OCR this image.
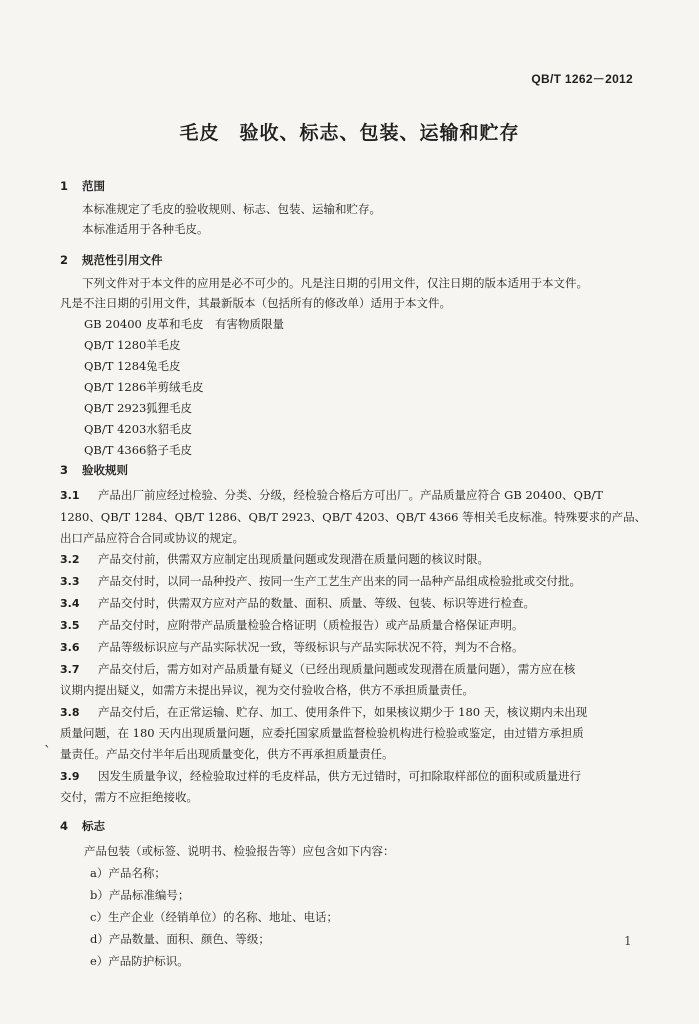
QB/T 1262－2012
毛皮　验收、标志、包装、运输和贮存
1 范围
本标准规定了毛皮的验收规则、标志、包装、运输和贮存。
本标准适用于各种毛皮。
2 规范性引用文件
下列文件对于本文件的应用是必不可少的。凡是注日期的引用文件，仅注日期的版本适用于本文件。
凡是不注日期的引用文件，其最新版本（包括所有的修改单）适用于本文件。
GB 20400 皮革和毛皮　有害物质限量
QB/T 1280羊毛皮
QB/T 1284兔毛皮
QB/T 1286羊剪绒毛皮
QB/T 2923狐狸毛皮
QB/T 4203水貂毛皮
QB/T 4366貉子毛皮
3 验收规则
3.1 产品出厂前应经过检验、分类、分级，经检验合格后方可出厂。产品质量应符合 GB 20400、QB/T
1280、QB/T 1284、QB/T 1286、QB/T 2923、QB/T 4203、QB/T 4366 等相关毛皮标准。特殊要求的产品、
出口产品应符合合同或协议的规定。
3.2 产品交付前，供需双方应制定出现质量问题或发现潜在质量问题的核议时限。
3.3 产品交付时，以同一品种投产、按同一生产工艺生产出来的同一品种产品组成检验批或交付批。
3.4 产品交付时，供需双方应对产品的数量、面积、质量、等级、包装、标识等进行检查。
3.5 产品交付时，应附带产品质量检验合格证明（质检报告）或产品质量合格保证声明。
3.6 产品等级标识应与产品实际状况一致，等级标识与产品实际状况不符，判为不合格。
3.7 产品交付后，需方如对产品质量有疑义（已经出现质量问题或发现潜在质量问题），需方应在核
议期内提出疑义，如需方未提出异议，视为交付验收合格，供方不承担质量责任。
3.8 产品交付后，在正常运输、贮存、加工、使用条件下，如果核议期少于 180 天，核议期内未出现
质量问题，在 180 天内出现质量问题，应委托国家质量监督检验机构进行检验或鉴定，由过错方承担质
量责任。产品交付半年后出现质量变化，供方不再承担质量责任。
`
3.9 因发生质量争议，经检验取过样的毛皮样品，供方无过错时，可扣除取样部位的面积或质量进行
交付，需方不应拒绝接收。
4 标志
产品包装（或标签、说明书、检验报告等）应包含如下内容：
a）产品名称；
b）产品标准编号；
c）生产企业（经销单位）的名称、地址、电话；
d）产品数量、面积、颜色、等级；
e）产品防护标识。
1
